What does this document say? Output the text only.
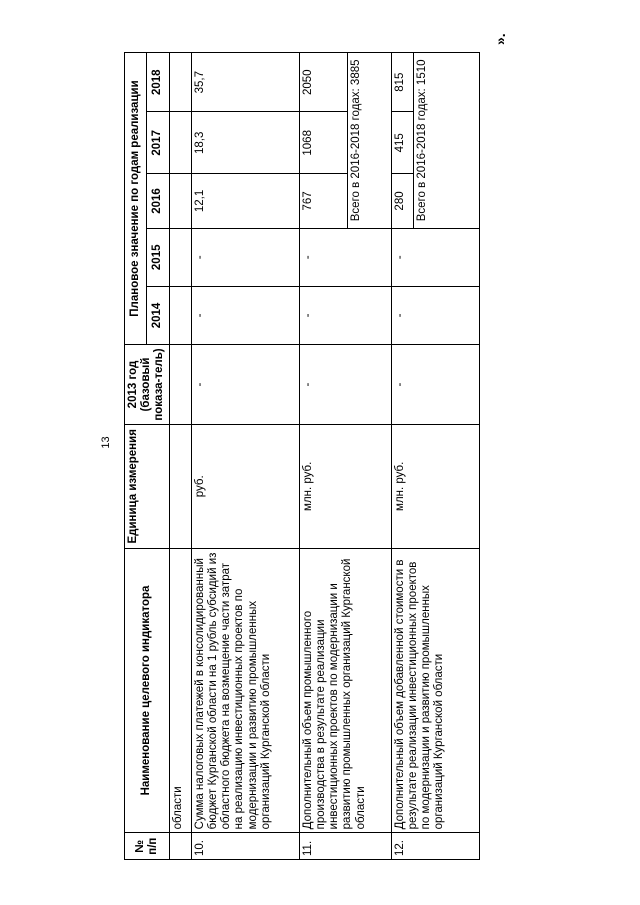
13
№ п/п	Наименование целевого индикатора	Единица измерения	2013 год (базовый показа-тель)	Плановое значение по годам реализации				
				2014	2015	2016	2017	2018
	области							
10.	Сумма налоговых платежей в консолидированный бюджет Курганской области на 1 рубль субсидий из областного бюджета на возмещение части затрат на реализацию инвестиционных проектов по модернизации и развитию промышленных организаций Курганской области	руб.	-	-	-	12,1	18,3	35,7
11.	Дополнительный объем промышленного производства в результате реализации инвестиционных проектов по модернизации и развитию промышленных организаций Курганской области	млн. руб.	-	-	-	767	1068	2050
						Всего в 2016-2018 годах: 3885		
12.	Дополнительный объем добавленной стоимости в результате реализации инвестиционных проектов по модернизации и развитию промышленных организаций Курганской области	млн. руб.	-	-	-	280	415	815
						Всего в 2016-2018 годах: 1510		
».
